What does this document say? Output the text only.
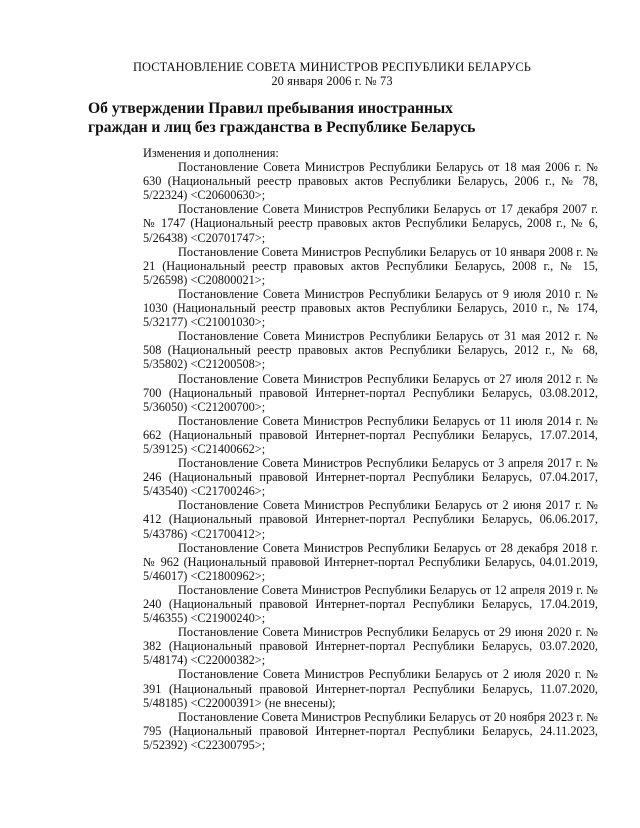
ПОСТАНОВЛЕНИЕ СОВЕТА МИНИСТРОВ РЕСПУБЛИКИ БЕЛАРУСЬ
20 января 2006 г. № 73
Об утверждении Правил пребывания иностранных
граждан и лиц без гражданства в Республике Беларусь
Изменения и дополнения:

Постановление Совета Министров Республики Беларусь от 18 мая 2006 г. № 630 (Национальный реестр правовых актов Республики Беларусь, 2006 г., № 78, 5/22324) <C20600630>;

Постановление Совета Министров Республики Беларусь от 17 декабря 2007 г. № 1747 (Национальный реестр правовых актов Республики Беларусь, 2008 г., № 6, 5/26438) <C20701747>;

Постановление Совета Министров Республики Беларусь от 10 января 2008 г. № 21 (Национальный реестр правовых актов Республики Беларусь, 2008 г., № 15, 5/26598) <C20800021>;

Постановление Совета Министров Республики Беларусь от 9 июля 2010 г. № 1030 (Национальный реестр правовых актов Республики Беларусь, 2010 г., № 174, 5/32177) <C21001030>;

Постановление Совета Министров Республики Беларусь от 31 мая 2012 г. № 508 (Национальный реестр правовых актов Республики Беларусь, 2012 г., № 68, 5/35802) <C21200508>;

Постановление Совета Министров Республики Беларусь от 27 июля 2012 г. № 700 (Национальный правовой Интернет-портал Республики Беларусь, 03.08.2012, 5/36050) <C21200700>;

Постановление Совета Министров Республики Беларусь от 11 июля 2014 г. № 662 (Национальный правовой Интернет-портал Республики Беларусь, 17.07.2014, 5/39125) <C21400662>;

Постановление Совета Министров Республики Беларусь от 3 апреля 2017 г. № 246 (Национальный правовой Интернет-портал Республики Беларусь, 07.04.2017, 5/43540) <C21700246>;

Постановление Совета Министров Республики Беларусь от 2 июня 2017 г. № 412 (Национальный правовой Интернет-портал Республики Беларусь, 06.06.2017, 5/43786) <C21700412>;

Постановление Совета Министров Республики Беларусь от 28 декабря 2018 г. № 962 (Национальный правовой Интернет-портал Республики Беларусь, 04.01.2019, 5/46017) <C21800962>;

Постановление Совета Министров Республики Беларусь от 12 апреля 2019 г. № 240 (Национальный правовой Интернет-портал Республики Беларусь, 17.04.2019, 5/46355) <C21900240>;

Постановление Совета Министров Республики Беларусь от 29 июня 2020 г. № 382 (Национальный правовой Интернет-портал Республики Беларусь, 03.07.2020, 5/48174) <C22000382>;

Постановление Совета Министров Республики Беларусь от 2 июля 2020 г. № 391 (Национальный правовой Интернет-портал Республики Беларусь, 11.07.2020, 5/48185) <C22000391> (не внесены);

Постановление Совета Министров Республики Беларусь от 20 ноября 2023 г. № 795 (Национальный правовой Интернет-портал Республики Беларусь, 24.11.2023, 5/52392) <C22300795>;
